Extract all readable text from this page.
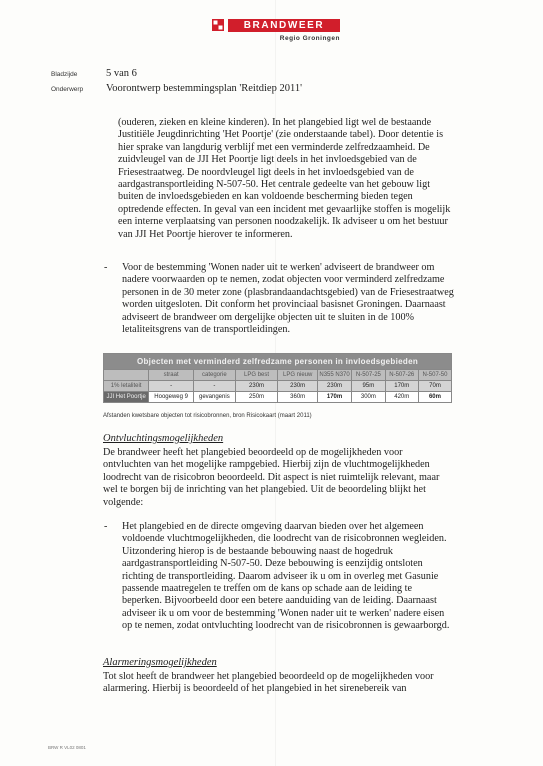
BRANDWEER
Regio Groningen
Bladzijde	5 van 6
Onderwerp Voorontwerp bestemmingsplan 'Reitdiep 2011'

(ouderen, zieken en kleine kinderen). In het plangebied ligt wel de bestaande Justitiële Jeugdinrichting 'Het Poortje' (zie onderstaande tabel). Door detentie is hier sprake van langdurig verblijf met een verminderde zelfredzaamheid. De zuidvleugel van de JJI Het Poortje ligt deels in het invloedsgebied van de Friesestraatweg. De noordvleugel ligt deels in het invloedsgebied van de aardgastransportleiding N-507-50. Het centrale gedeelte van het gebouw ligt buiten de invloedsgebieden en kan voldoende bescherming bieden tegen optredende effecten. In geval van een incident met gevaarlijke stoffen is mogelijk een interne verplaatsing van personen noodzakelijk. Ik adviseer u om het bestuur van JJI Het Poortje hierover te informeren.

- Voor de bestemming 'Wonen nader uit te werken' adviseert de brandweer om nadere voorwaarden op te nemen, zodat objecten voor verminderd zelfredzame personen in de 30 meter zone (plasbrandaandachtsgebied) van de Friesestraatweg worden uitgesloten. Dit conform het provinciaal basisnet Groningen. Daarnaast adviseert de brandweer om dergelijke objecten uit te sluiten in de 100% letaliteitsgrens van de transportleidingen.
Objecten met verminderd zelfredzame personen in invloedsgebieden								
	straat	categorie	LPG best	LPG nieuw	N355 N370	N-507-25	N-507-26	N-507-50
1% letaliteit	-	-	230m	230m	230m	95m	170m	70m
JJI Het Poortje	Hoogeweg 9	gevangenis	250m	360m	170m	300m	420m	60m
Afstanden kwetsbare objecten tot risicobronnen, bron Risicokaart (maart 2011)
Ontvluchtingsmogelijkheden
De brandweer heeft het plangebied beoordeeld op de mogelijkheden voor ontvluchten van het mogelijke rampgebied. Hierbij zijn de vluchtmogelijkheden loodrecht van de risicobron beoordeeld. Dit aspect is niet ruimtelijk relevant, maar wel te borgen bij de inrichting van het plangebied. Uit de beoordeling blijkt het volgende:
- Het plangebied en de directe omgeving daarvan bieden over het algemeen voldoende vluchtmogelijkheden, die loodrecht van de risicobronnen wegleiden. Uitzondering hierop is de bestaande bebouwing naast de hogedruk aardgastransportleiding N-507-50. Deze bebouwing is eenzijdig ontsloten richting de transportleiding. Daarom adviseer ik u om in overleg met Gasunie passende maatregelen te treffen om de kans op schade aan de leiding te beperken. Bijvoorbeeld door een betere aanduiding van de leiding. Daarnaast adviseer ik u om voor de bestemming 'Wonen nader uit te werken' nadere eisen op te nemen, zodat ontvluchting loodrecht van de risicobronnen is gewaarborgd.
Alarmeringsmogelijkheden
Tot slot heeft de brandweer het plangebied beoordeeld op de mogelijkheden voor alarmering. Hierbij is beoordeeld of het plangebied in het sirenebereik van
BRW R VL02 0801
